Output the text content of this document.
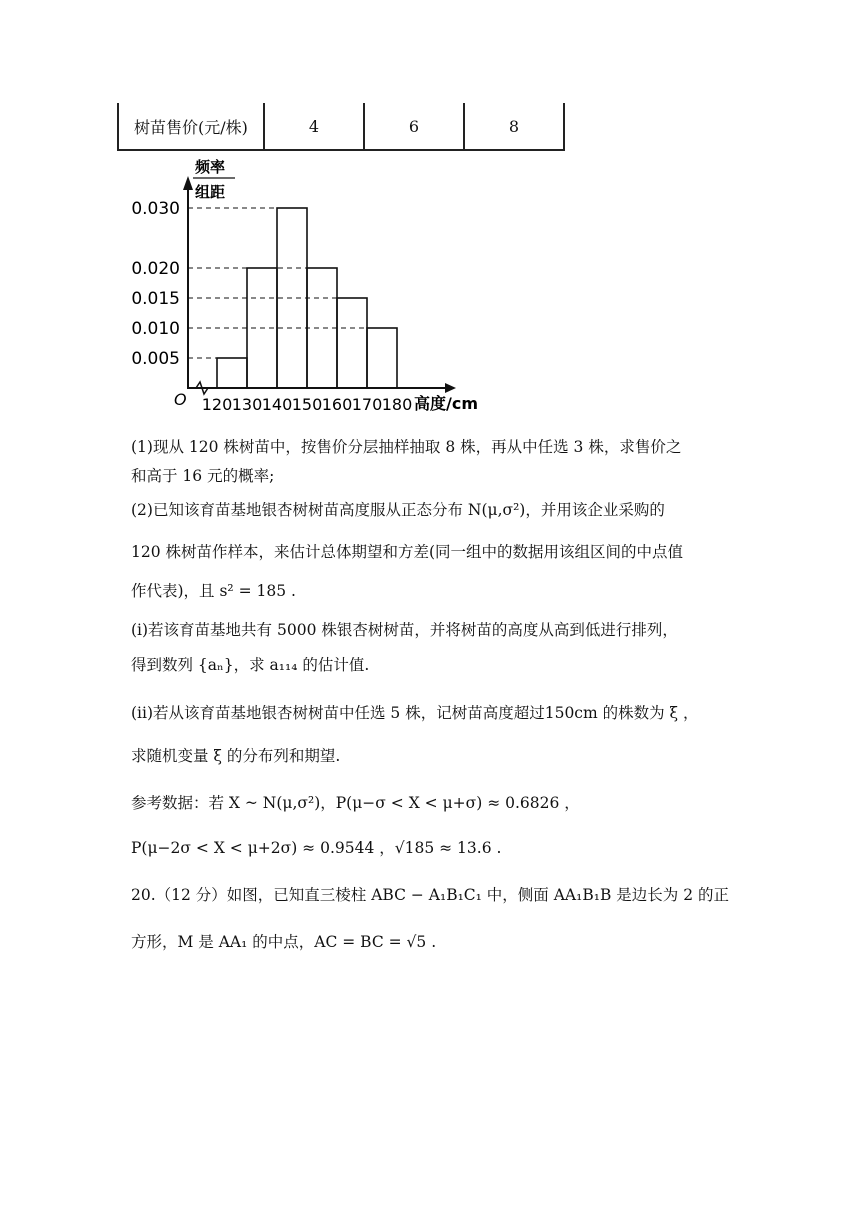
树苗售价(元/株)	4	6	8
频率
组距
O	高度/cm
120 130 140 150 160 170 180
0.005
0.010
0.015
0.020
0.030
(1)现从 120 株树苗中，按售价分层抽样抽取 8 株，再从中任选 3 株，求售价之
和高于 16 元的概率;
(2)已知该育苗基地银杏树树苗高度服从正态分布 N(μ,σ²)，并用该企业采购的
120 株树苗作样本，来估计总体期望和方差(同一组中的数据用该组区间的中点值
作代表)，且 s² = 185 .
(i)若该育苗基地共有 5000 株银杏树树苗，并将树苗的高度从高到低进行排列，
得到数列 {aₙ}，求 a₁₁₄ 的估计值.
(ii)若从该育苗基地银杏树树苗中任选 5 株，记树苗高度超过150cm 的株数为 ξ ，
求随机变量 ξ 的分布列和期望.
参考数据：若 X ~ N(μ,σ²)，P(μ−σ < X < μ+σ) ≈ 0.6826 ，
P(μ−2σ < X < μ+2σ) ≈ 0.9544 ，√185 ≈ 13.6 .
20.（12 分）如图，已知直三棱柱 ABC − A₁B₁C₁ 中，侧面 AA₁B₁B 是边长为 2 的正
方形，M 是 AA₁ 的中点，AC = BC = √5 .
